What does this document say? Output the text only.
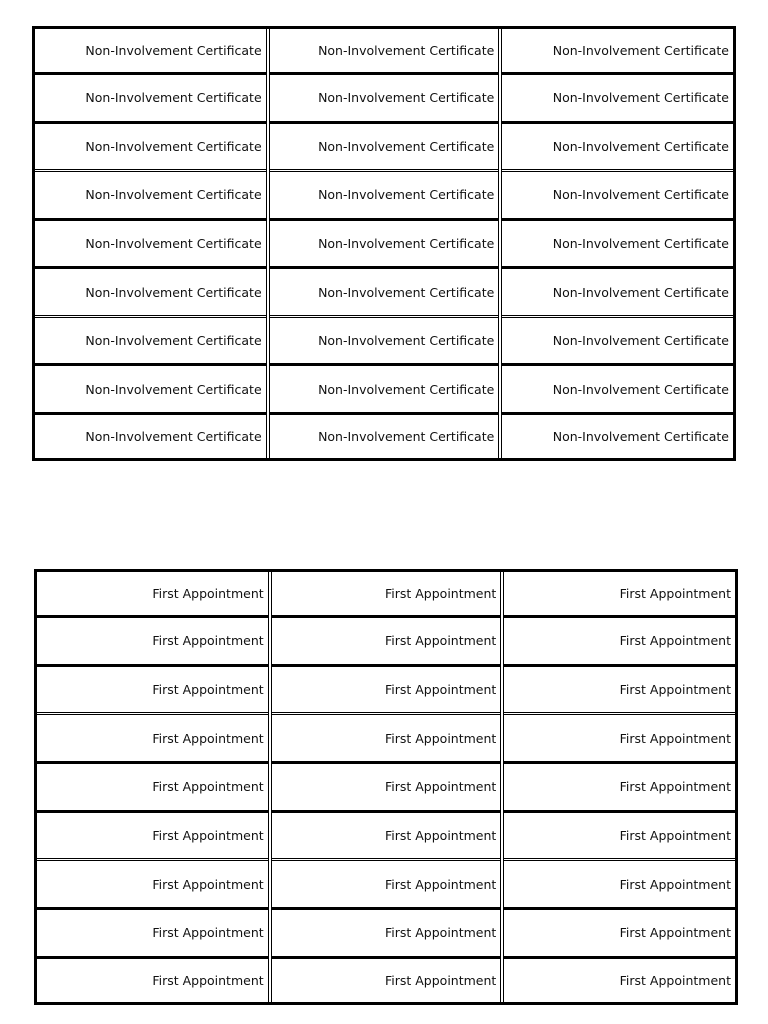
Non-Involvement Certificate	Non-Involvement Certificate	Non-Involvement Certificate
Non-Involvement Certificate	Non-Involvement Certificate	Non-Involvement Certificate
Non-Involvement Certificate	Non-Involvement Certificate	Non-Involvement Certificate
Non-Involvement Certificate	Non-Involvement Certificate	Non-Involvement Certificate
Non-Involvement Certificate	Non-Involvement Certificate	Non-Involvement Certificate
Non-Involvement Certificate	Non-Involvement Certificate	Non-Involvement Certificate
Non-Involvement Certificate	Non-Involvement Certificate	Non-Involvement Certificate
Non-Involvement Certificate	Non-Involvement Certificate	Non-Involvement Certificate
Non-Involvement Certificate	Non-Involvement Certificate	Non-Involvement Certificate
First Appointment	First Appointment	First Appointment
First Appointment	First Appointment	First Appointment
First Appointment	First Appointment	First Appointment
First Appointment	First Appointment	First Appointment
First Appointment	First Appointment	First Appointment
First Appointment	First Appointment	First Appointment
First Appointment	First Appointment	First Appointment
First Appointment	First Appointment	First Appointment
First Appointment	First Appointment	First Appointment
